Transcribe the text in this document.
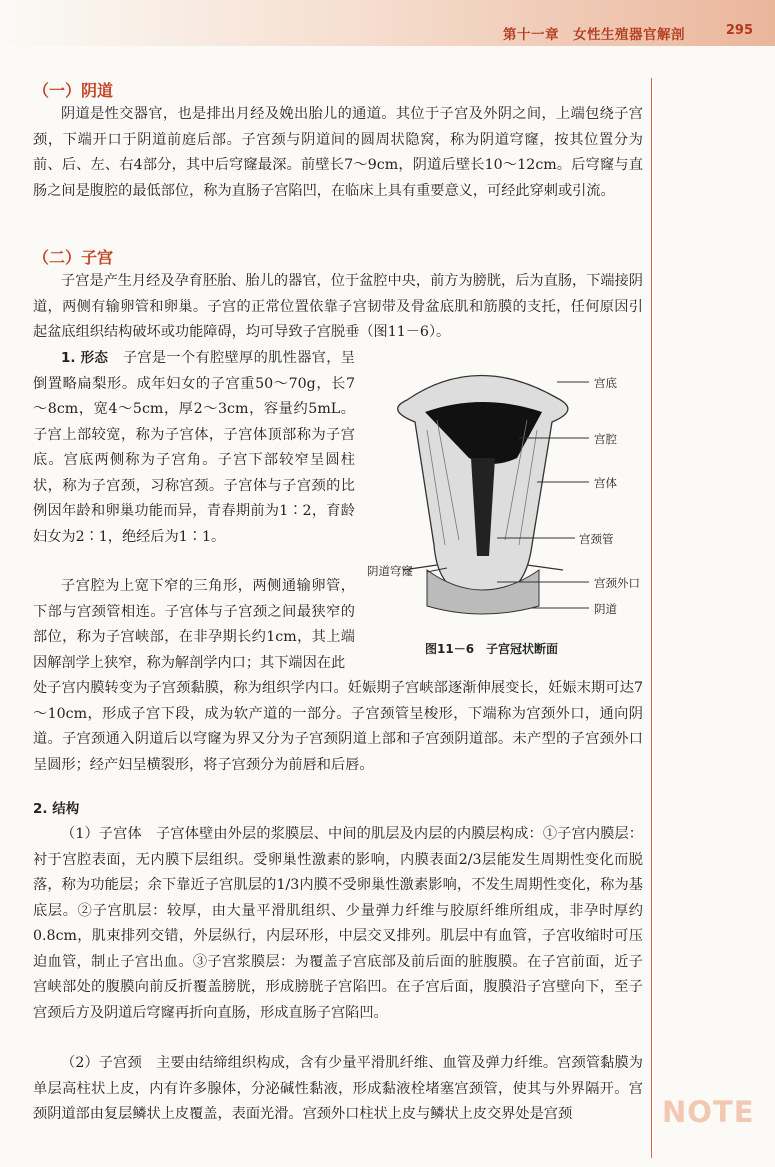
第十一章　女性生殖器官解剖	295
NOTE
（一）阴道

阴道是性交器官，也是排出月经及娩出胎儿的通道。其位于子宫及外阴之间，上端包绕子宫颈，下端开口于阴道前庭后部。子宫颈与阴道间的圆周状隐窝，称为阴道穹窿，按其位置分为前、后、左、右4部分，其中后穹窿最深。前壁长7～9cm，阴道后壁长10～12cm。后穹窿与直肠之间是腹腔的最低部位，称为直肠子宫陷凹，在临床上具有重要意义，可经此穿刺或引流。

（二）子宫

子宫是产生月经及孕育胚胎、胎儿的器官，位于盆腔中央，前方为膀胱，后为直肠，下端接阴道，两侧有输卵管和卵巢。子宫的正常位置依靠子宫韧带及骨盆底肌和筋膜的支托，任何原因引起盆底组织结构破坏或功能障碍，均可导致子宫脱垂（图11－6）。

1. 形态　 子宫是一个有腔壁厚的肌性器官，呈倒置略扁梨形。成年妇女的子宫重50～70g，长7～8cm，宽4～5cm，厚2～3cm，容量约5mL。子宫上部较宽，称为子宫体，子宫体顶部称为子宫底。宫底两侧称为子宫角。子宫下部较窄呈圆柱状，称为子宫颈，习称宫颈。子宫体与子宫颈的比例因年龄和卵巢功能而异，青春期前为1∶2，育龄妇女为2∶1，绝经后为1∶1。

子宫腔为上宽下窄的三角形，两侧通输卵管，下部与宫颈管相连。子宫体与子宫颈之间最狭窄的部位，称为子宫峡部，在非孕期长约1cm，其上端因解剖学上狭窄，称为解剖学内口；其下端因在此

处子宫内膜转变为子宫颈黏膜，称为组织学内口。妊娠期子宫峡部逐渐伸展变长，妊娠末期可达7～10cm，形成子宫下段，成为软产道的一部分。子宫颈管呈梭形，下端称为宫颈外口，通向阴道。子宫颈通入阴道后以穹窿为界又分为子宫颈阴道上部和子宫颈阴道部。未产型的子宫颈外口呈圆形；经产妇呈横裂形，将子宫颈分为前唇和后唇。

2. 结构

（1）子宫体　 子宫体壁由外层的浆膜层、中间的肌层及内层的内膜层构成：①子宫内膜层：衬于宫腔表面，无内膜下层组织。受卵巢性激素的影响，内膜表面2/3层能发生周期性变化而脱落，称为功能层；余下靠近子宫肌层的1/3内膜不受卵巢性激素影响，不发生周期性变化，称为基底层。②子宫肌层：较厚，由大量平滑肌组织、少量弹力纤维与胶原纤维所组成，非孕时厚约0.8cm，肌束排列交错，外层纵行，内层环形，中层交叉排列。肌层中有血管，子宫收缩时可压迫血管，制止子宫出血。③子宫浆膜层：为覆盖子宫底部及前后面的脏腹膜。在子宫前面，近子宫峡部处的腹膜向前反折覆盖膀胱，形成膀胱子宫陷凹。在子宫后面，腹膜沿子宫壁向下，至子宫颈后方及阴道后穹窿再折向直肠，形成直肠子宫陷凹。

（2）子宫颈　 主要由结缔组织构成，含有少量平滑肌纤维、血管及弹力纤维。宫颈管黏膜为单层高柱状上皮，内有许多腺体，分泌碱性黏液，形成黏液栓堵塞宫颈管，使其与外界隔开。宫颈阴道部由复层鳞状上皮覆盖，表面光滑。宫颈外口柱状上皮与鳞状上皮交界处是宫颈

宫底
宫腔
宫体
宫颈管
阴道穹窿
宫颈外口
阴道
图11－6　子宫冠状断面
